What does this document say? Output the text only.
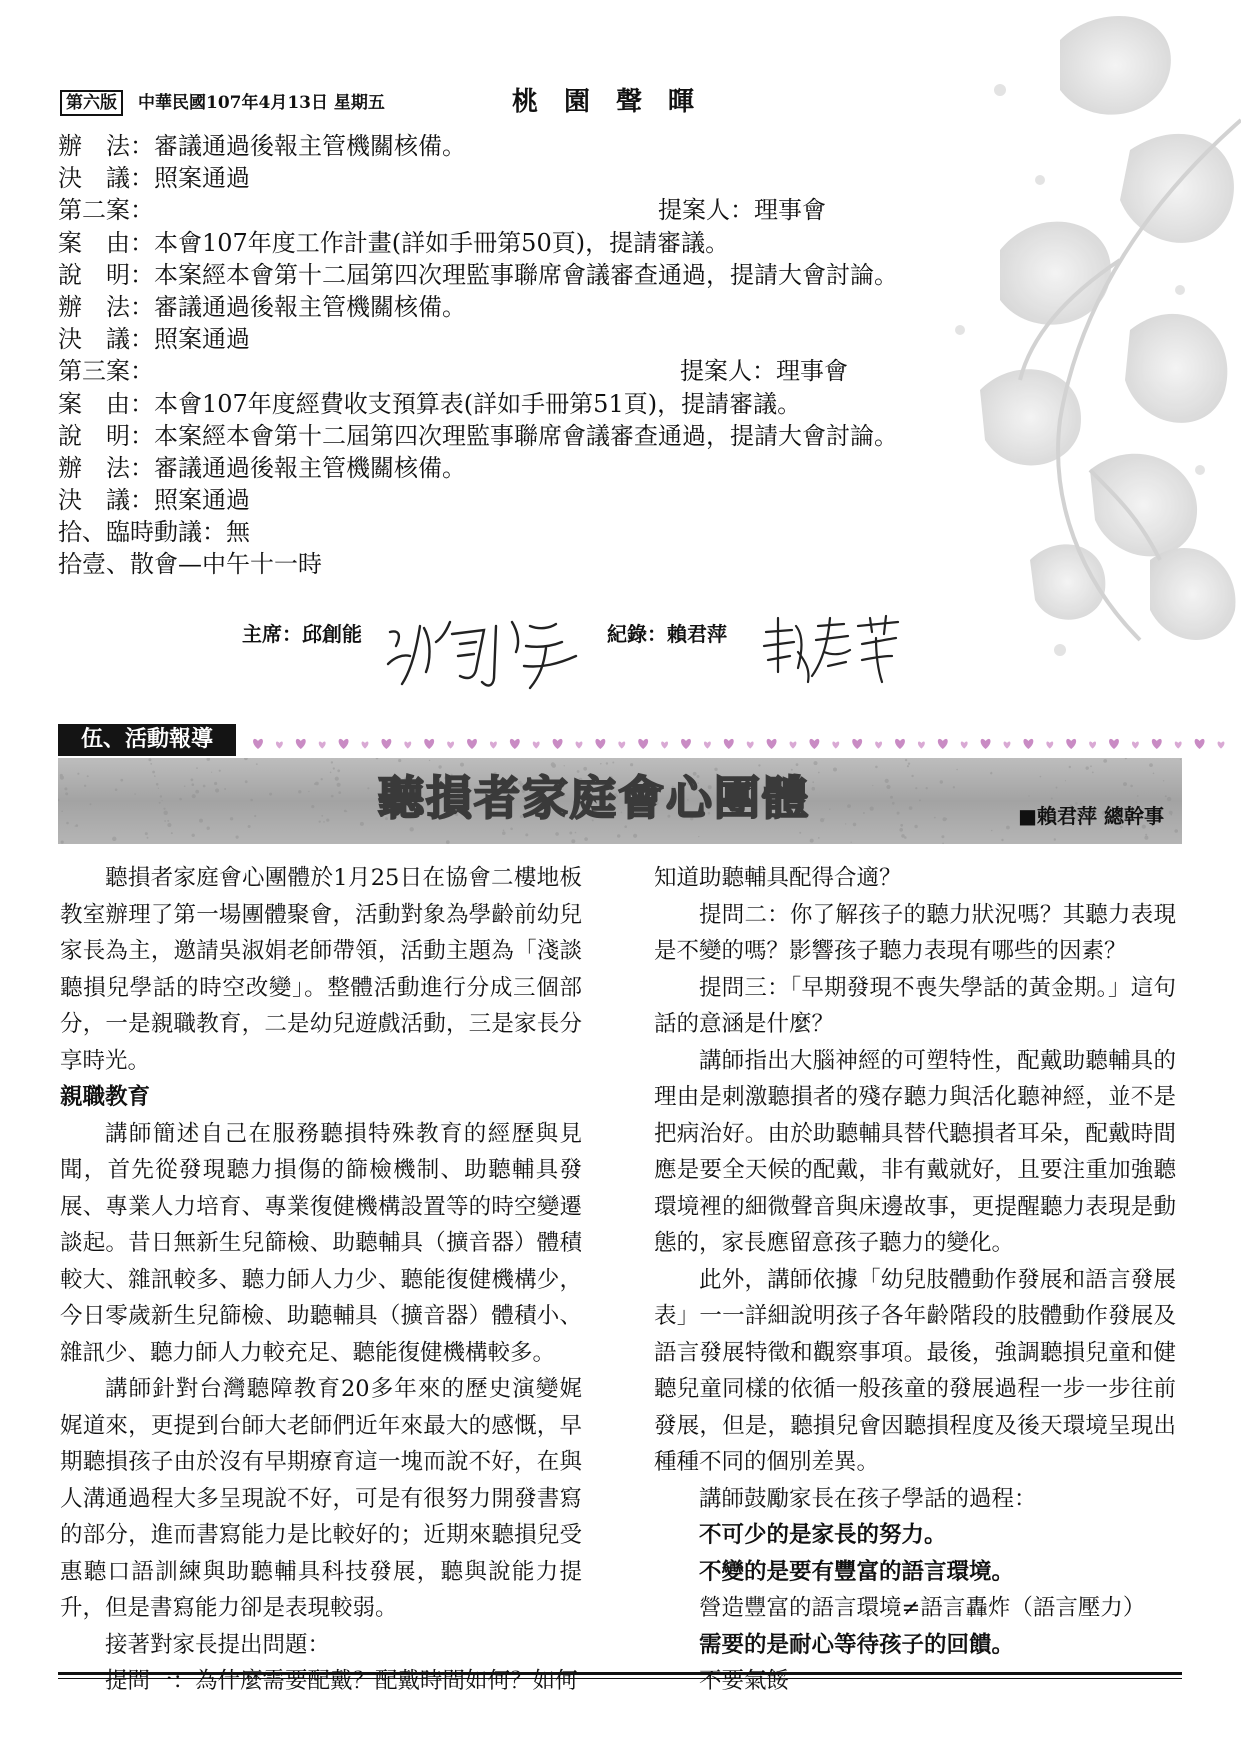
第六版	中華民國107年4月13日 星期五	桃園聲暉
辦　法：審議通過後報主管機關核備。
決　議：照案通過
第二案：	提案人：理事會
案　由：本會107年度工作計畫(詳如手冊第50頁)，提請審議。
說　明：本案經本會第十二屆第四次理監事聯席會議審查通過，提請大會討論。
辦　法：審議通過後報主管機關核備。
決　議：照案通過
第三案：	提案人：理事會
案　由：本會107年度經費收支預算表(詳如手冊第51頁)，提請審議。
說　明：本案經本會第十二屆第四次理監事聯席會議審查通過，提請大會討論。
辦　法：審議通過後報主管機關核備。
決　議：照案通過
拾、臨時動議：無
拾壹、散會—中午十一時
主席：邱創能	紀錄：賴君萍
伍、活動報導
聽損者家庭會心團體	■賴君萍 總幹事

聽損者家庭會心團體於1月25日在協會二樓地板教室辦理了第一場團體聚會，活動對象為學齡前幼兒家長為主，邀請吳淑娟老師帶領，活動主題為「淺談聽損兒學話的時空改變」。整體活動進行分成三個部分，一是親職教育，二是幼兒遊戲活動，三是家長分享時光。

親職教育

講師簡述自己在服務聽損特殊教育的經歷與見聞，首先從發現聽力損傷的篩檢機制、助聽輔具發展、專業人力培育、專業復健機構設置等的時空變遷談起。昔日無新生兒篩檢、助聽輔具（擴音器）體積較大、雜訊較多、聽力師人力少、聽能復健機構少，今日零歲新生兒篩檢、助聽輔具（擴音器）體積小、雜訊少、聽力師人力較充足、聽能復健機構較多。

講師針對台灣聽障教育20多年來的歷史演變娓娓道來，更提到台師大老師們近年來最大的感慨，早期聽損孩子由於沒有早期療育這一塊而說不好，在與人溝通過程大多呈現說不好，可是有很努力開發書寫的部分，進而書寫能力是比較好的；近期來聽損兒受惠聽口語訓練與助聽輔具科技發展，聽與說能力提升，但是書寫能力卻是表現較弱。

接著對家長提出問題：

提問一：為什麼需要配戴？配戴時間如何？如何

知道助聽輔具配得合適？

提問二：你了解孩子的聽力狀況嗎？其聽力表現是不變的嗎？影響孩子聽力表現有哪些的因素？

提問三：「早期發現不喪失學話的黃金期。」這句話的意涵是什麼？

講師指出大腦神經的可塑特性，配戴助聽輔具的理由是刺激聽損者的殘存聽力與活化聽神經，並不是把病治好。由於助聽輔具替代聽損者耳朵，配戴時間應是要全天候的配戴，非有戴就好，且要注重加強聽環境裡的細微聲音與床邊故事，更提醒聽力表現是動態的，家長應留意孩子聽力的變化。

此外，講師依據「幼兒肢體動作發展和語言發展表」一一詳細說明孩子各年齡階段的肢體動作發展及語言發展特徵和觀察事項。最後，強調聽損兒童和健聽兒童同樣的依循一般孩童的發展過程一步一步往前發展，但是，聽損兒會因聽損程度及後天環境呈現出種種不同的個別差異。

講師鼓勵家長在孩子學話的過程：

不可少的是家長的努力。

不變的是要有豐富的語言環境。

營造豐富的語言環境≠語言轟炸（語言壓力）

需要的是耐心等待孩子的回饋。

不要氣餒
